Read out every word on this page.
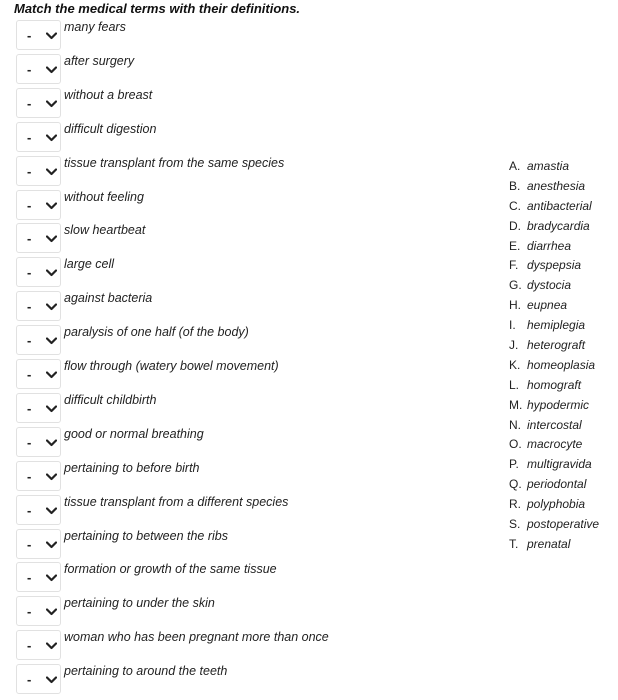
Match the medical terms with their definitions.
-
many fears
-
after surgery
-
without a breast
-
difficult digestion
-
tissue transplant from the same species
-
without feeling
-
slow heartbeat
-
large cell
-
against bacteria
-
paralysis of one half (of the body)
-
flow through (watery bowel movement)
-
difficult childbirth
-
good or normal breathing
-
pertaining to before birth
-
tissue transplant from a different species
-
pertaining to between the ribs
-
formation or growth of the same tissue
-
pertaining to under the skin
-
woman who has been pregnant more than once
-
pertaining to around the teeth
A. amastia
B. anesthesia
C. antibacterial
D. bradycardia
E. diarrhea
F. dyspepsia
G. dystocia
H. eupnea
I. hemiplegia
J. heterograft
K. homeoplasia
L. homograft
M. hypodermic
N. intercostal
O. macrocyte
P. multigravida
Q. periodontal
R. polyphobia
S. postoperative
T. prenatal
